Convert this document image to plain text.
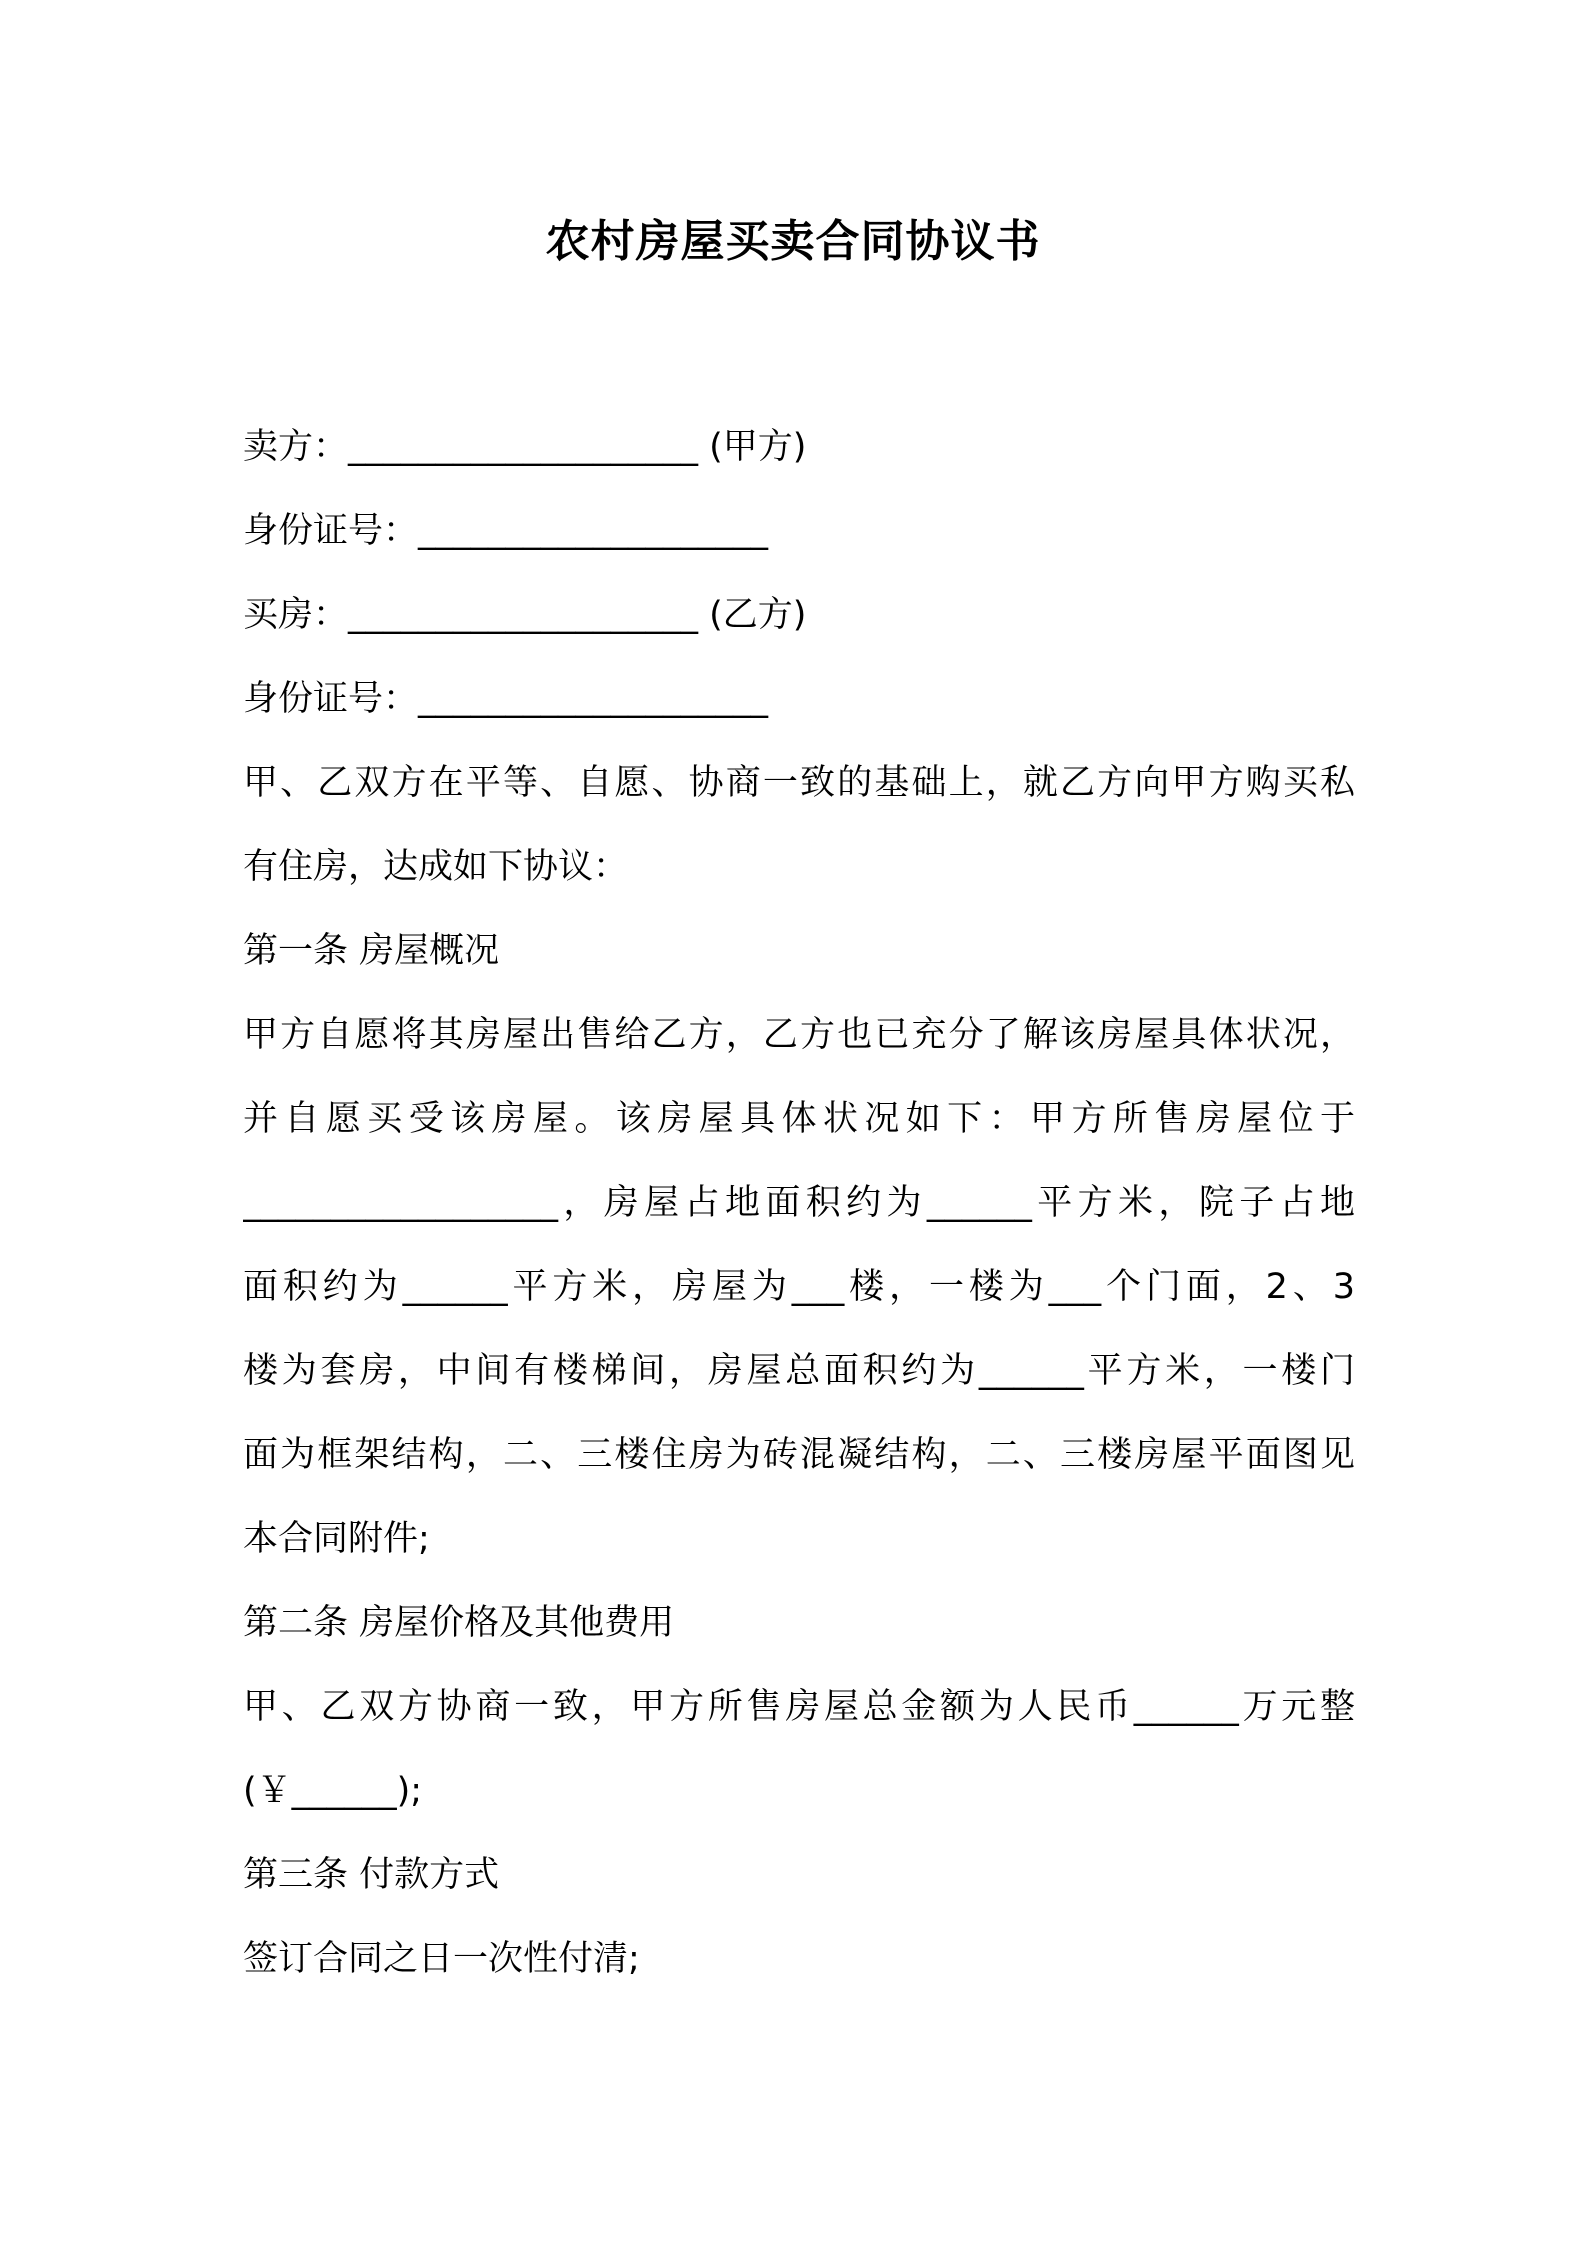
农村房屋买卖合同协议书
卖方：____________________ (甲方)
身份证号：____________________
买房：____________________ (乙方)
身份证号：____________________
甲、乙双方在平等、自愿、协商一致的基础上，就乙方向甲方购买私
有住房，达成如下协议：
第一条 房屋概况
甲方自愿将其房屋出售给乙方，乙方也已充分了解该房屋具体状况，
并自愿买受该房屋。该房屋具体状况如下：甲方所售房屋位于
__________________，房屋占地面积约为______平方米，院子占地
面积约为______平方米，房屋为___楼，一楼为___个门面，2、3
楼为套房，中间有楼梯间，房屋总面积约为______平方米，一楼门
面为框架结构，二、三楼住房为砖混凝结构，二、三楼房屋平面图见
本合同附件;
第二条 房屋价格及其他费用
甲、乙双方协商一致，甲方所售房屋总金额为人民币______万元整
(￥______);
第三条 付款方式
签订合同之日一次性付清;
